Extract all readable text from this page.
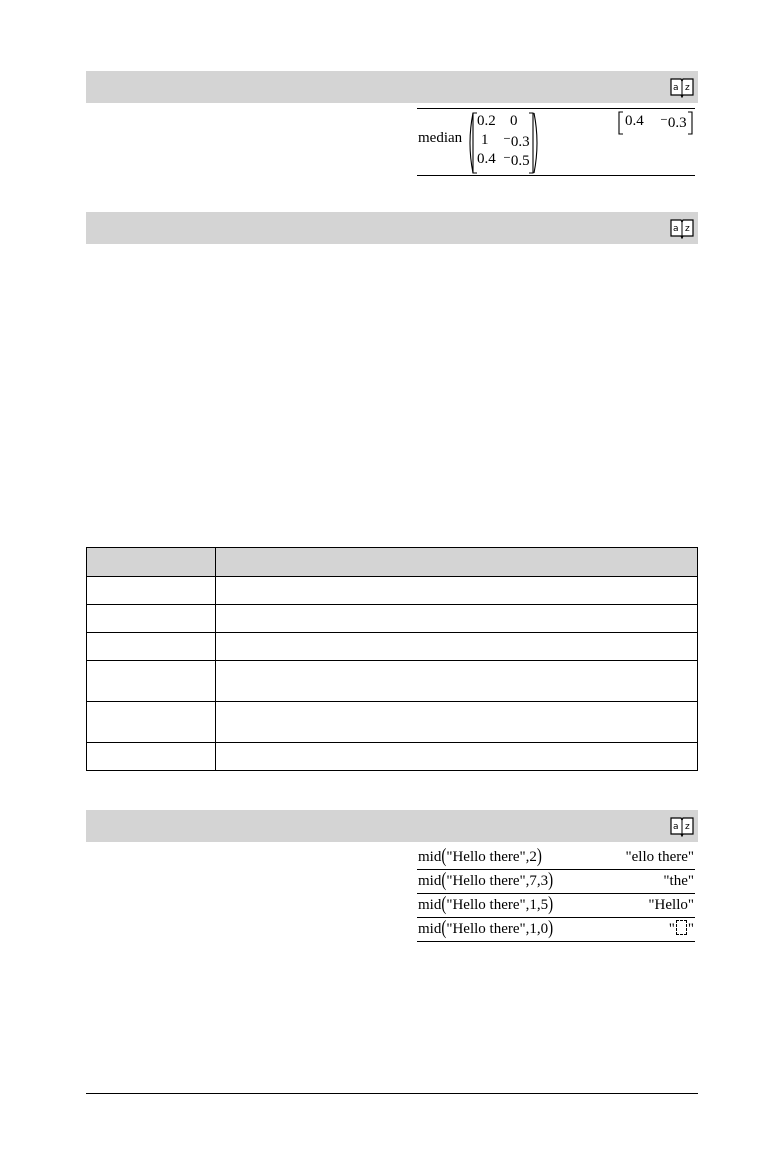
a z
median
0.2 0
1 ⁻0.3
0.4 ⁻0.5
0.4 ⁻0.3
a z

a z
mid("Hello there",2)	"ello there"
mid("Hello there",7,3)	"the"
mid("Hello there",1,5)	"Hello"
mid("Hello there",1,0)	" "
